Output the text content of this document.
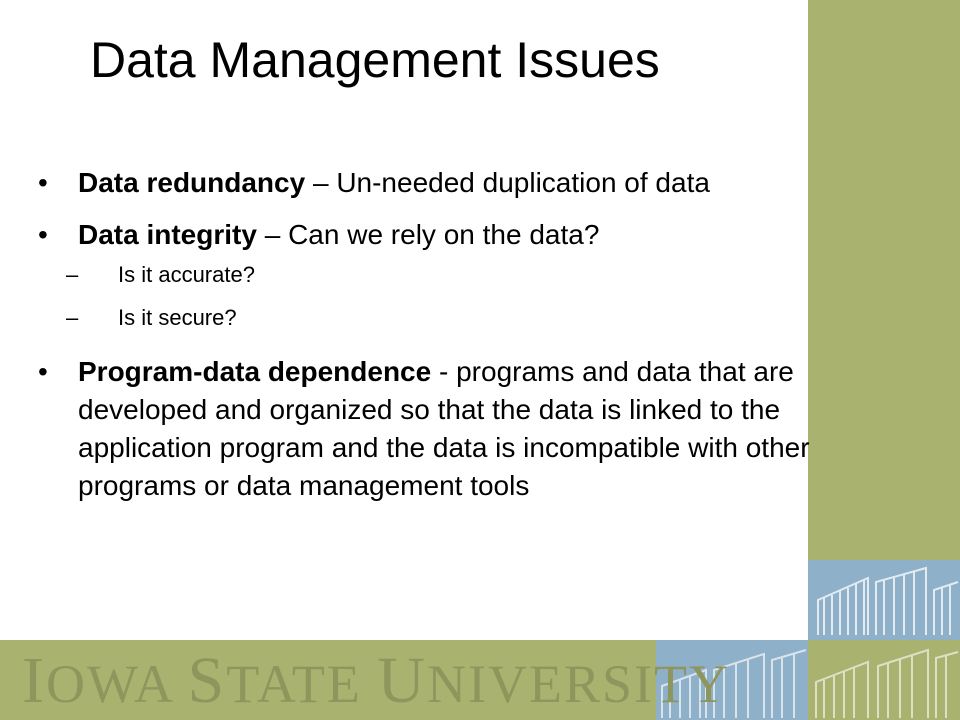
IOWA STATE UNIVERSITY
Data Management Issues
• Data redundancy – Un-needed duplication of data
• Data integrity – Can we rely on the data?
– Is it accurate?
– Is it secure?
• Program-data dependence - programs and data that are developed and organized so that the data is linked to the application program and the data is incompatible with other programs or data management tools
